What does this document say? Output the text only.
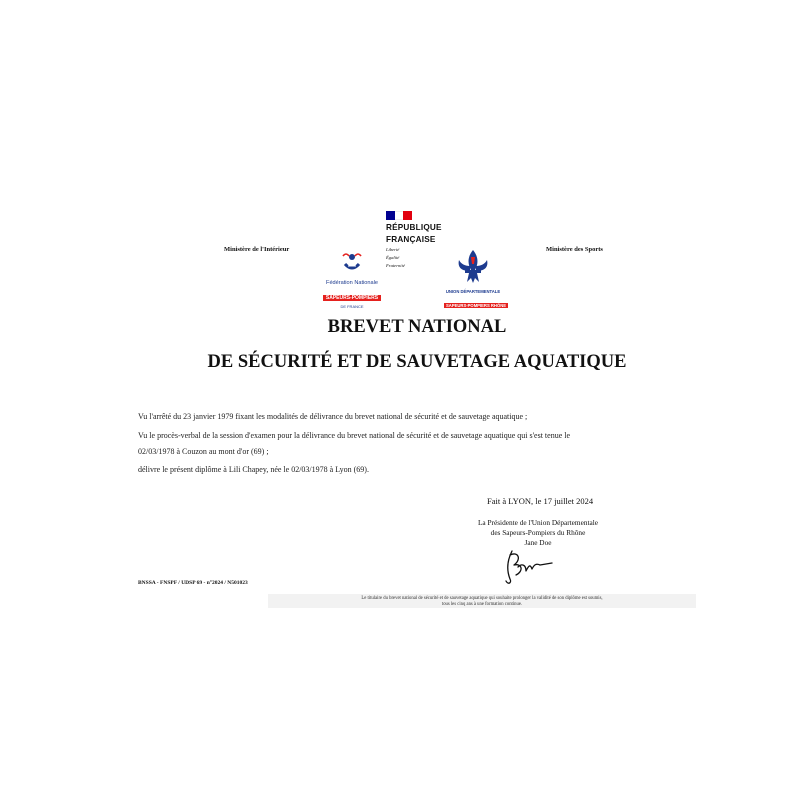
Ministère de l'Intérieur	Ministère des Sports
RÉPUBLIQUE
FRANÇAISE
Liberté
Égalité
Fraternité
Fédération Nationale
SAPEURS-POMPIERS
DE FRANCE
UNION DÉPARTEMENTALE
SAPEURS-POMPIERS RHÔNE
BREVET NATIONAL
DE SÉCURITÉ ET DE SAUVETAGE AQUATIQUE
Vu l'arrêté du 23 janvier 1979 fixant les modalités de délivrance du brevet national de sécurité et de sauvetage aquatique ;
Vu le procès-verbal de la session d'examen pour la délivrance du brevet national de sécurité et de sauvetage aquatique qui s'est tenue le
02/03/1978 à Couzon au mont d'or (69) ;
délivre le présent diplôme à Lili Chapey, née le 02/03/1978 à Lyon (69).
Fait à LYON, le 17 juillet 2024
La Présidente de l'Union Départementale
des Sapeurs-Pompiers du Rhône
Jane Doe
BNSSA - FNSPF / UDSP 69 - n°2024 / N501023
Le titulaire du brevet national de sécurité et de sauvetage aquatique qui souhaite prolonger la validité de son diplôme est soumis,
tous les cinq ans à une formation continue.
